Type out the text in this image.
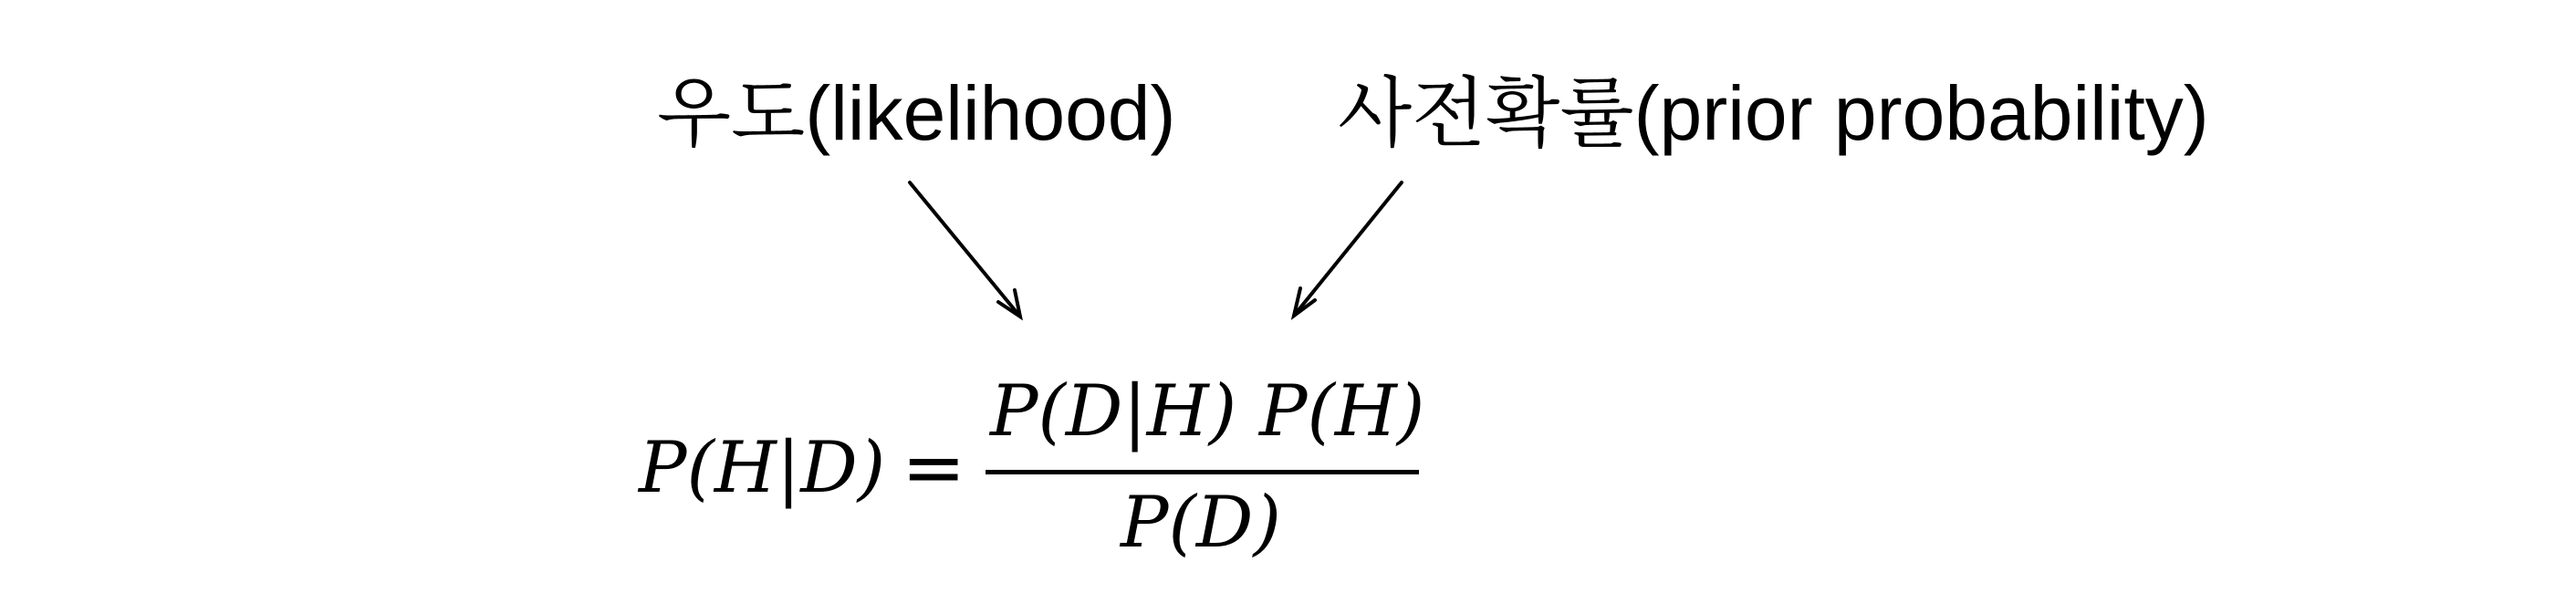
우도(likelihood) 사전확률(prior probability)
P(H|D) =
P(D|H) P(H)
P(D)
